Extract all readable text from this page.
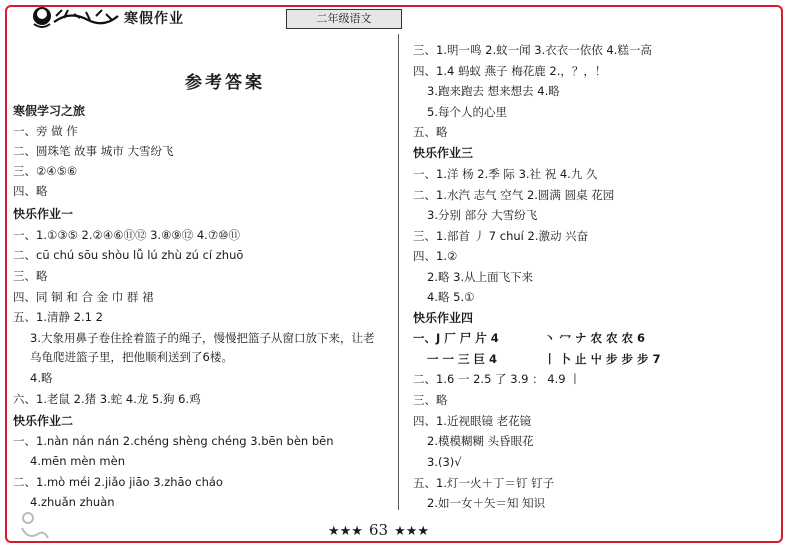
寒假作业	二年级语文
参考答案
寒假学习之旅
一、旁 做 作
二、圆珠笔 故事 城市 大雪纷飞
三、②④⑤⑥
四、略
快乐作业一
一、1.①③⑤ 2.②④⑥⑪⑫ 3.⑧⑨⑫ 4.⑦⑩⑪
二、cū chú sōu shòu lǚ lú zhù zú cí zhuō
三、略
四、同 铜 和 合 金 巾 群 裙
五、1.清静 2.1 2
3.大象用鼻子卷住拴着篮子的绳子，慢慢把篮子从窗口放下来，让老
乌龟爬进篮子里，把他顺利送到了6楼。
4.略
六、1.老鼠 2.猪 3.蛇 4.龙 5.狗 6.鸡
快乐作业二
一、1.nàn nán nán 2.chéng shèng chéng 3.bēn bèn bēn
4.mēn mèn mèn
二、1.mò méi 2.jiǎo jiāo 3.zhāo cháo
4.zhuǎn zhuàn
三、1.明一鸣 2.蚊一闻 3.衣衣一依依 4.糕一高
四、1.4 蚂蚁 燕子 梅花鹿 2.，？，！
3.跑来跑去 想来想去 4.略
5.每个人的心里
五、略
快乐作业三
一、1.洋 杨 2.季 际 3.社 祝 4.九 久
二、1.水汽 志气 空气 2.圆满 圆桌 花园
3.分别 部分 大雪纷飞
三、1.部首 丿 7 chuí 2.激动 兴奋
四、1.②
2.略 3.从上面飞下来
4.略 5.①
快乐作业四
一、J 厂 尸 片 4	丶 冖 ナ 农 农 农 6
一 一 三 巨 4	丨 卜 止 屮 步 步 步 7
二、1.6 一 2.5 了 3.9 ： 4.9 丨
三、略
四、1.近视眼镜 老花镜
2.模模糊糊 头昏眼花
3.(3)√
五、1.灯一火＋丁＝钉 钉子
2.如一女＋矢＝知 知识
★★★ 63 ★★★
